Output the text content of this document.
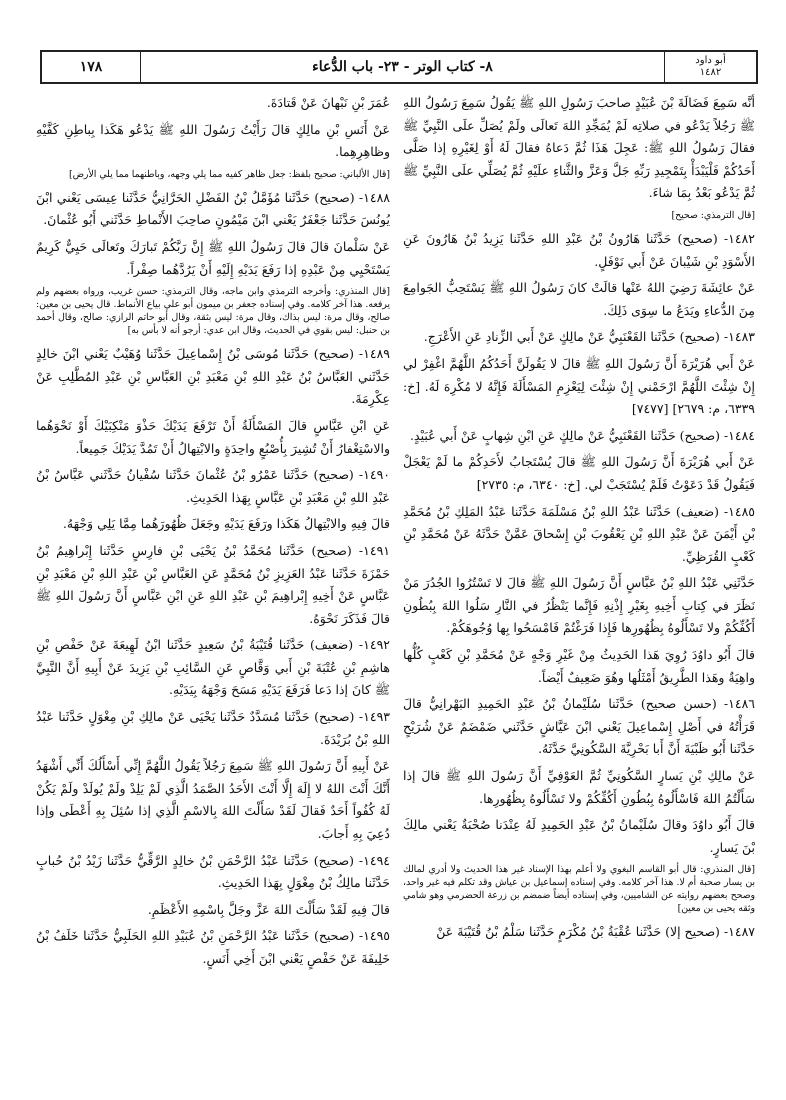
أبو داود
١٤٨٢
٨- كتاب الوتر - ٢٣- باب الدُّعاء
١٧٨

أنَّه سَمِعَ فَضَالَةَ بْنَ عُبَيْدٍ صاحبَ رَسُولِ اللهِ ﷺ يَقُولُ سَمِعَ رَسُولُ اللهِ ﷺ رَجُلاً يَدْعُو في صلاتِه لَمْ يُمَجِّدِ اللهَ تَعالَى ولَمْ يُصَلِّ علَى النَّبِيِّ ﷺ فقالَ رَسُولُ اللهِ ﷺ: عَجِلَ هَذَا ثُمَّ دَعاهُ فقالَ لَهُ أَوْ لِغَيْرِهِ إذا صَلَّى أَحَدُكُمْ فَلْيَبْدَأْ بِتَمْجِيدِ رَبِّهِ جَلَّ وَعَزَّ والثَّناءِ علَيْهِ ثُمَّ يُصَلِّي علَى النَّبِيِّ ﷺ ثُمَّ يَدْعُو بَعْدُ بِمَا شاءَ.

[قال الترمذي: صحيح]

١٤٨٢- (صحيح) حَدَّثَنا هَارُونُ بْنُ عَبْدِ اللهِ حَدَّثَنا يَزِيدُ بْنُ هَارُونَ عَنِ الأَسْوَدِ بْنِ شَيْبانَ عَنْ أَبي نَوْفَلٍ.

عَنْ عائِشَةَ رَضِيَ اللهُ عَنْها قالَتْ كانَ رَسُولُ اللهِ ﷺ يَسْتَحِبُّ الجَوامِعَ مِنَ الدُّعاءِ ويَدَعُ ما سِوَى ذَلِكَ.

١٤٨٣- (صحيح) حَدَّثَنا القَعْنَبِيُّ عَنْ مالِكٍ عَنْ أَبي الزِّنادِ عَنِ الأَعْرَجِ.

عَنْ أَبي هُرَيْرَةَ أَنَّ رَسُولَ اللهِ ﷺ قالَ لا يَقُولَنَّ أَحَدُكُمُ اللَّهُمَّ اغْفِرْ لي إِنْ شِئْتَ اللَّهُمَّ ارْحَمْني إِنْ شِئْتَ لِيَعْزِمِ المَسْأَلَةَ فَإِنَّهُ لا مُكْرِهَ لَهُ. [خ: ٦٣٣٩، م: ٢٦٧٩] [٧٤٧٧]

١٤٨٤- (صحيح) حَدَّثَنا القَعْنَبِيُّ عَنْ مالِكٍ عَنِ ابْنِ شِهابٍ عَنْ أَبي عُبَيْدٍ.

عَنْ أَبي هُرَيْرَةَ أَنَّ رَسُولَ اللهِ ﷺ قالَ يُسْتَجابُ لأَحَدِكُمْ ما لَمْ يَعْجَلْ فَيَقُولُ قَدْ دَعَوْتُ فَلَمْ يُسْتَجَبْ لي. [خ: ٦٣٤٠، م: ٢٧٣٥]

١٤٨٥- (ضعيف) حَدَّثَنا عَبْدُ اللهِ بْنُ مَسْلَمَةَ حَدَّثَنا عَبْدُ المَلِكِ بْنُ مُحَمَّدِ بْنِ أَيْمَنَ عَنْ عَبْدِ اللهِ بْنِ يَعْقُوبَ بْنِ إِسْحاقَ عَمَّنْ حَدَّثَهُ عَنْ مُحَمَّدِ بْنِ كَعْبٍ القُرَظِيِّ.

حَدَّثَنِي عَبْدُ اللهِ بْنُ عَبَّاسٍ أَنَّ رَسُولَ اللهِ ﷺ قالَ لا تَسْتُرُوا الجُدُرَ مَنْ نَظَرَ في كِتابِ أَخِيهِ بِغَيْرِ إِذْنِهِ فَإِنَّما يَنْظُرُ في النَّارِ سَلُوا اللهَ بِبُطُونِ أَكُفِّكُمْ ولا تَسْأَلُوهُ بِظُهُورِها فَإِذا فَرَغْتُمْ فَامْسَحُوا بِها وُجُوهَكُمْ.

قالَ أَبُو داوُدَ رُوِيَ هَذا الحَدِيثُ مِنْ غَيْرِ وَجْهٍ عَنْ مُحَمَّدِ بْنِ كَعْبٍ كُلُّها واهِيَةٌ وهَذا الطَّرِيقُ أَمْثَلُها وهُوَ ضَعِيفٌ أَيْضاً.

١٤٨٦- (حسن صحيح) حَدَّثَنا سُلَيْمانُ بْنُ عَبْدِ الحَمِيدِ البَهْرانِيُّ قالَ قَرَأْتُهُ في أَصْلِ إِسْماعِيلَ يَعْني ابْنَ عَيَّاشٍ حَدَّثَني ضَمْضَمٌ عَنْ شُرَيْحٍ حَدَّثَنا أَبُو ظَبْيَةَ أَنَّ أَبا بَحْرِيَّةَ السَّكُونِيَّ حَدَّثَهُ.

عَنْ مالِكِ بْنِ يَسارٍ السَّكُونِيِّ ثُمَّ العَوْفِيِّ أَنَّ رَسُولَ اللهِ ﷺ قالَ إذا سَأَلْتُمُ اللهَ فَاسْأَلُوهُ بِبُطُونِ أَكُفِّكُمْ ولا تَسْأَلُوهُ بِظُهُورِها.

قالَ أَبُو داوُدَ وقالَ سُلَيْمانُ بْنُ عَبْدِ الحَمِيدِ لَهُ عِنْدَنا صُحْبَةٌ يَعْني مالِكَ بْنَ يَسارٍ.

[قال المنذري: قال أبو القاسم البغوي ولا أعلم بهذا الإسناد غير هذا الحديث ولا أدري لمالك بن يسار صحبة أم لا. هذا آخر كلامه. وفي إسناده إسماعيل بن عياش وقد تكلم فيه غير واحد، وصحح بعضهم روايته عن الشاميين، وفي إسناده أيضاً ضمضم بن زرعة الحضرمي وهو شامي وثقه يحيى بن معين]

١٤٨٧- (صحيح إلا) حَدَّثَنا عُقْبَةُ بْنُ مُكْرَمٍ حَدَّثَنا سَلْمُ بْنُ قُتَيْبَةَ عَنْ

عُمَرَ بْنِ نَبْهانَ عَنْ قَتادَةَ.

عَنْ أَنَسِ بْنِ مالِكٍ قالَ رَأَيْتُ رَسُولَ اللهِ ﷺ يَدْعُو هَكَذا بِباطِنِ كَفَّيْهِ وظاهِرِهِما.

[قال الألباني: صحيح بلفظ: جعل ظاهر كفيه مما يلي وجهه، وباطنهما مما يلي الأرض]

١٤٨٨- (صحيح) حَدَّثَنا مُؤَمَّلُ بْنُ الفَضْلِ الحَرَّانِيُّ حَدَّثَنا عِيسَى يَعْني ابْنَ يُونُسَ حَدَّثَنا جَعْفَرٌ يَعْني ابْنَ مَيْمُونٍ صاحِبَ الأَنْماطِ حَدَّثَني أَبُو عُثْمانَ.

عَنْ سَلْمانَ قالَ قالَ رَسُولُ اللهِ ﷺ إِنَّ رَبَّكُمْ تَبارَكَ وتَعالَى حَيِيٌّ كَرِيمٌ يَسْتَحْيِي مِنْ عَبْدِهِ إذا رَفَعَ يَدَيْهِ إِلَيْهِ أَنْ يَرُدَّهُما صِفْراً.

[قال المنذري: وأخرجه الترمذي وابن ماجه، وقال الترمذي: حسن غريب، ورواه بعضهم ولم يرفعه. هذا آخر كلامه. وفي إسناده جعفر بن ميمون أبو علي بياع الأنماط. قال يحيى بن معين: صالح، وقال مرة: ليس بذاك، وقال مرة: ليس بثقة، وقال أبو حاتم الرازي: صالح، وقال أحمد بن حنبل: ليس بقوي في الحديث، وقال ابن عدي: أرجو أنه لا بأس به]

١٤٨٩- (صحيح) حَدَّثَنا مُوسَى بْنُ إِسْماعِيلَ حَدَّثَنا وُهَيْبٌ يَعْني ابْنَ خالِدٍ حَدَّثَني العَبَّاسُ بْنُ عَبْدِ اللهِ بْنِ مَعْبَدِ بْنِ العَبَّاسِ بْنِ عَبْدِ المُطَّلِبِ عَنْ عِكْرِمَةَ.

عَنِ ابْنِ عَبَّاسٍ قالَ المَسْأَلَةُ أَنْ تَرْفَعَ يَدَيْكَ حَذْوَ مَنْكِبَيْكَ أَوْ نَحْوَهُما والاسْتِغْفارُ أَنْ تُشِيرَ بِأُصْبُعٍ واحِدَةٍ والابْتِهالُ أَنْ تَمُدَّ يَدَيْكَ جَمِيعاً.

١٤٩٠- (صحيح) حَدَّثَنا عَمْرُو بْنُ عُثْمانَ حَدَّثَنا سُفْيانُ حَدَّثَني عَبَّاسُ بْنُ عَبْدِ اللهِ بْنِ مَعْبَدِ بْنِ عَبَّاسٍ بِهَذا الحَدِيثِ.

قالَ فِيهِ والابْتِهالُ هَكَذا ورَفَعَ يَدَيْهِ وجَعَلَ ظُهُورَهُما مِمَّا يَلِي وَجْهَهُ.

١٤٩١- (صحيح) حَدَّثَنا مُحَمَّدُ بْنُ يَحْيَى بْنِ فارِسٍ حَدَّثَنا إِبْراهِيمُ بْنُ حَمْزَةَ حَدَّثَنا عَبْدُ العَزِيزِ بْنُ مُحَمَّدٍ عَنِ العَبَّاسِ بْنِ عَبْدِ اللهِ بْنِ مَعْبَدِ بْنِ عَبَّاسٍ عَنْ أَخِيهِ إِبْراهِيمَ بْنِ عَبْدِ اللهِ عَنِ ابْنِ عَبَّاسٍ أَنَّ رَسُولَ اللهِ ﷺ قالَ فَذَكَرَ نَحْوَهُ.

١٤٩٢- (ضعيف) حَدَّثَنا قُتَيْبَةُ بْنُ سَعِيدٍ حَدَّثَنا ابْنُ لَهِيعَةَ عَنْ حَفْصِ بْنِ هاشِمِ بْنِ عُتْبَةَ بْنِ أَبي وَقَّاصٍ عَنِ السَّائِبِ بْنِ يَزِيدَ عَنْ أَبِيهِ أَنَّ النَّبِيَّ ﷺ كانَ إذا دَعا فَرَفَعَ يَدَيْهِ مَسَحَ وَجْهَهُ بِيَدَيْهِ.

١٤٩٣- (صحيح) حَدَّثَنا مُسَدَّدٌ حَدَّثَنا يَحْيَى عَنْ مالِكِ بْنِ مِغْوَلٍ حَدَّثَنا عَبْدُ اللهِ بْنُ بُرَيْدَةَ.

عَنْ أَبِيهِ أَنَّ رَسُولَ اللهِ ﷺ سَمِعَ رَجُلاً يَقُولُ اللَّهُمَّ إِنِّي أَسْأَلُكَ أَنِّي أَشْهَدُ أَنَّكَ أَنْتَ اللهُ لا إِلَهَ إِلَّا أَنْتَ الأَحَدُ الصَّمَدُ الَّذِي لَمْ يَلِدْ ولَمْ يُولَدْ ولَمْ يَكُنْ لَهُ كُفُواً أَحَدٌ فَقالَ لَقَدْ سَأَلْتَ اللهَ بِالاسْمِ الَّذِي إذا سُئِلَ بِهِ أَعْطَى وإذا دُعِيَ بِهِ أَجابَ.

١٤٩٤- (صحيح) حَدَّثَنا عَبْدُ الرَّحْمَنِ بْنُ خالِدٍ الرَّقِّيُّ حَدَّثَنا زَيْدُ بْنُ حُبابٍ حَدَّثَنا مالِكُ بْنُ مِغْوَلٍ بِهَذا الحَدِيثِ.

قالَ فِيهِ لَقَدْ سَأَلْتَ اللهَ عَزَّ وجَلَّ بِاسْمِهِ الأَعْظَمِ.

١٤٩٥- (صحيح) حَدَّثَنا عَبْدُ الرَّحْمَنِ بْنُ عُبَيْدِ اللهِ الحَلَبِيُّ حَدَّثَنا خَلَفُ بْنُ خَلِيفَةَ عَنْ حَفْصٍ يَعْني ابْنَ أَخِي أَنَسٍ.
